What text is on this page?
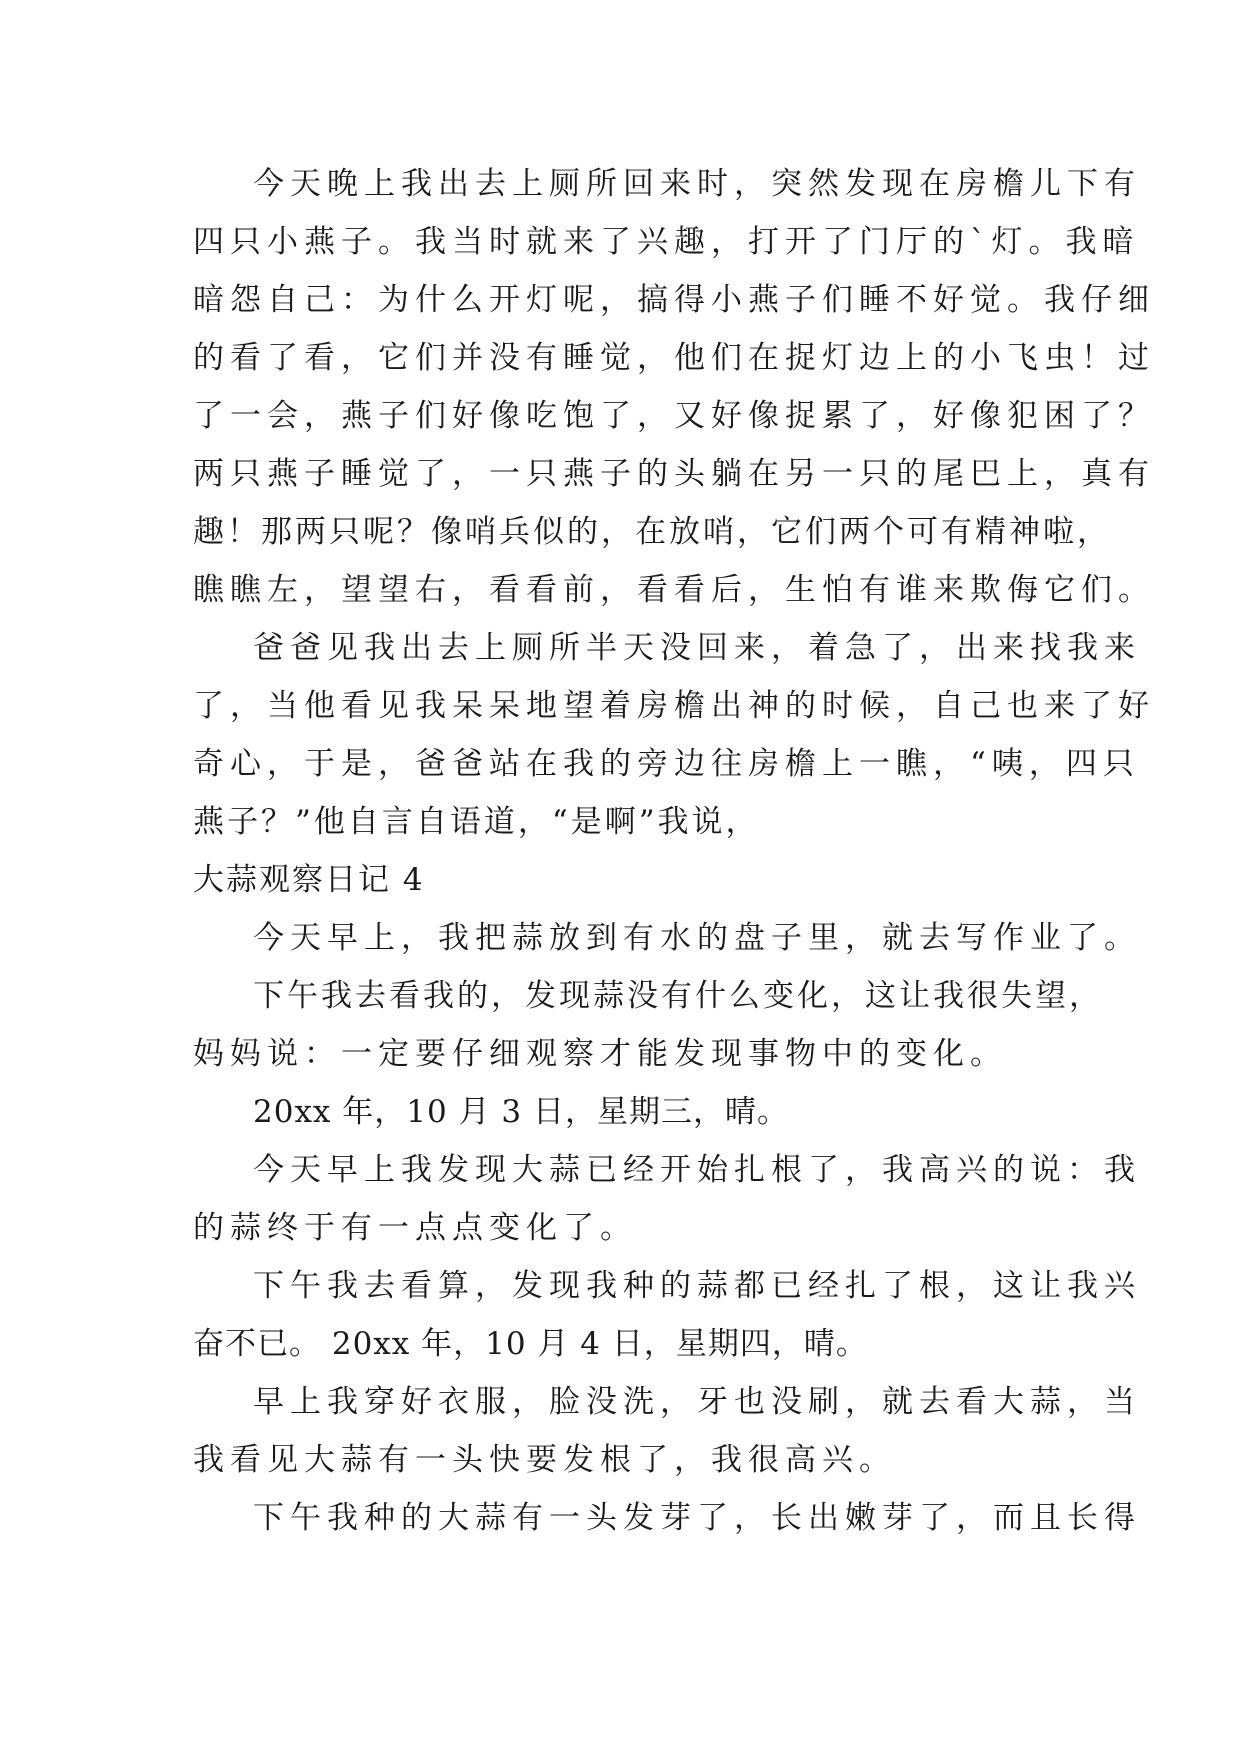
今天晚上我出去上厕所回来时，突然发现在房檐儿下有
四只小燕子。我当时就来了兴趣，打开了门厅的`灯。我暗
暗怨自己：为什么开灯呢，搞得小燕子们睡不好觉。我仔细
的看了看，它们并没有睡觉，他们在捉灯边上的小飞虫！过
了一会，燕子们好像吃饱了，又好像捉累了，好像犯困了？
两只燕子睡觉了，一只燕子的头躺在另一只的尾巴上，真有
趣！那两只呢？像哨兵似的，在放哨，它们两个可有精神啦，
瞧瞧左，望望右，看看前，看看后，生怕有谁来欺侮它们。
爸爸见我出去上厕所半天没回来，着急了，出来找我来
了，当他看见我呆呆地望着房檐出神的时候，自己也来了好
奇心，于是，爸爸站在我的旁边往房檐上一瞧，“咦，四只
燕子？”他自言自语道，“是啊”我说，
大蒜观察日记 4
今天早上，我把蒜放到有水的盘子里，就去写作业了。
下午我去看我的，发现蒜没有什么变化，这让我很失望，
妈妈说：一定要仔细观察才能发现事物中的变化。
20xx 年，10 月 3 日，星期三，晴。
今天早上我发现大蒜已经开始扎根了，我高兴的说：我
的蒜终于有一点点变化了。
下午我去看算，发现我种的蒜都已经扎了根，这让我兴
奋不已。 20xx 年，10 月 4 日，星期四，晴。
早上我穿好衣服，脸没洗，牙也没刷，就去看大蒜，当
我看见大蒜有一头快要发根了，我很高兴。
下午我种的大蒜有一头发芽了，长出嫩芽了，而且长得
